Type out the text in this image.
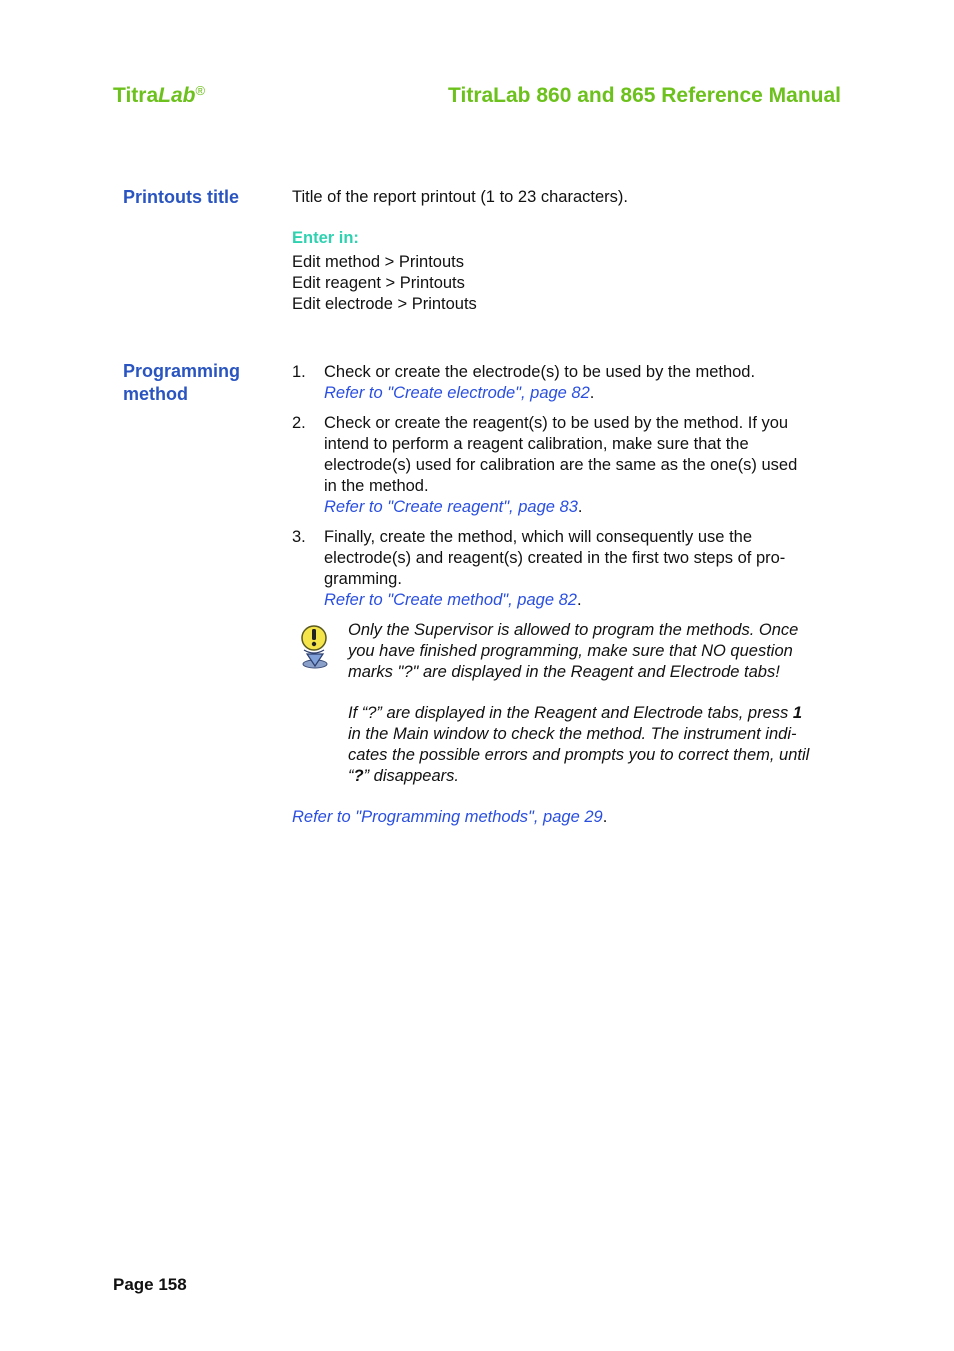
TitraLab®	TitraLab 860 and 865 Reference Manual
Printouts title	Title of the report printout (1 to 23 characters).
Enter in:
Edit method > Printouts
Edit reagent > Printouts
Edit electrode > Printouts
Programming
method
1.	Check or create the electrode(s) to be used by the method.
Refer to "Create electrode", page 82.
2.	Check or create the reagent(s) to be used by the method. If you
intend to perform a reagent calibration, make sure that the
electrode(s) used for calibration are the same as the one(s) used
in the method.
Refer to "Create reagent", page 83.
3.	Finally, create the method, which will consequently use the
electrode(s) and reagent(s) created in the first two steps of pro-
gramming.
Refer to "Create method", page 82.
Only the Supervisor is allowed to program the methods. Once
you have finished programming, make sure that NO question
marks "?" are displayed in the Reagent and Electrode tabs!
If “?” are displayed in the Reagent and Electrode tabs, press 1
in the Main window to check the method. The instrument indi-
cates the possible errors and prompts you to correct them, until
“?” disappears.
Refer to "Programming methods", page 29.
Page 158
